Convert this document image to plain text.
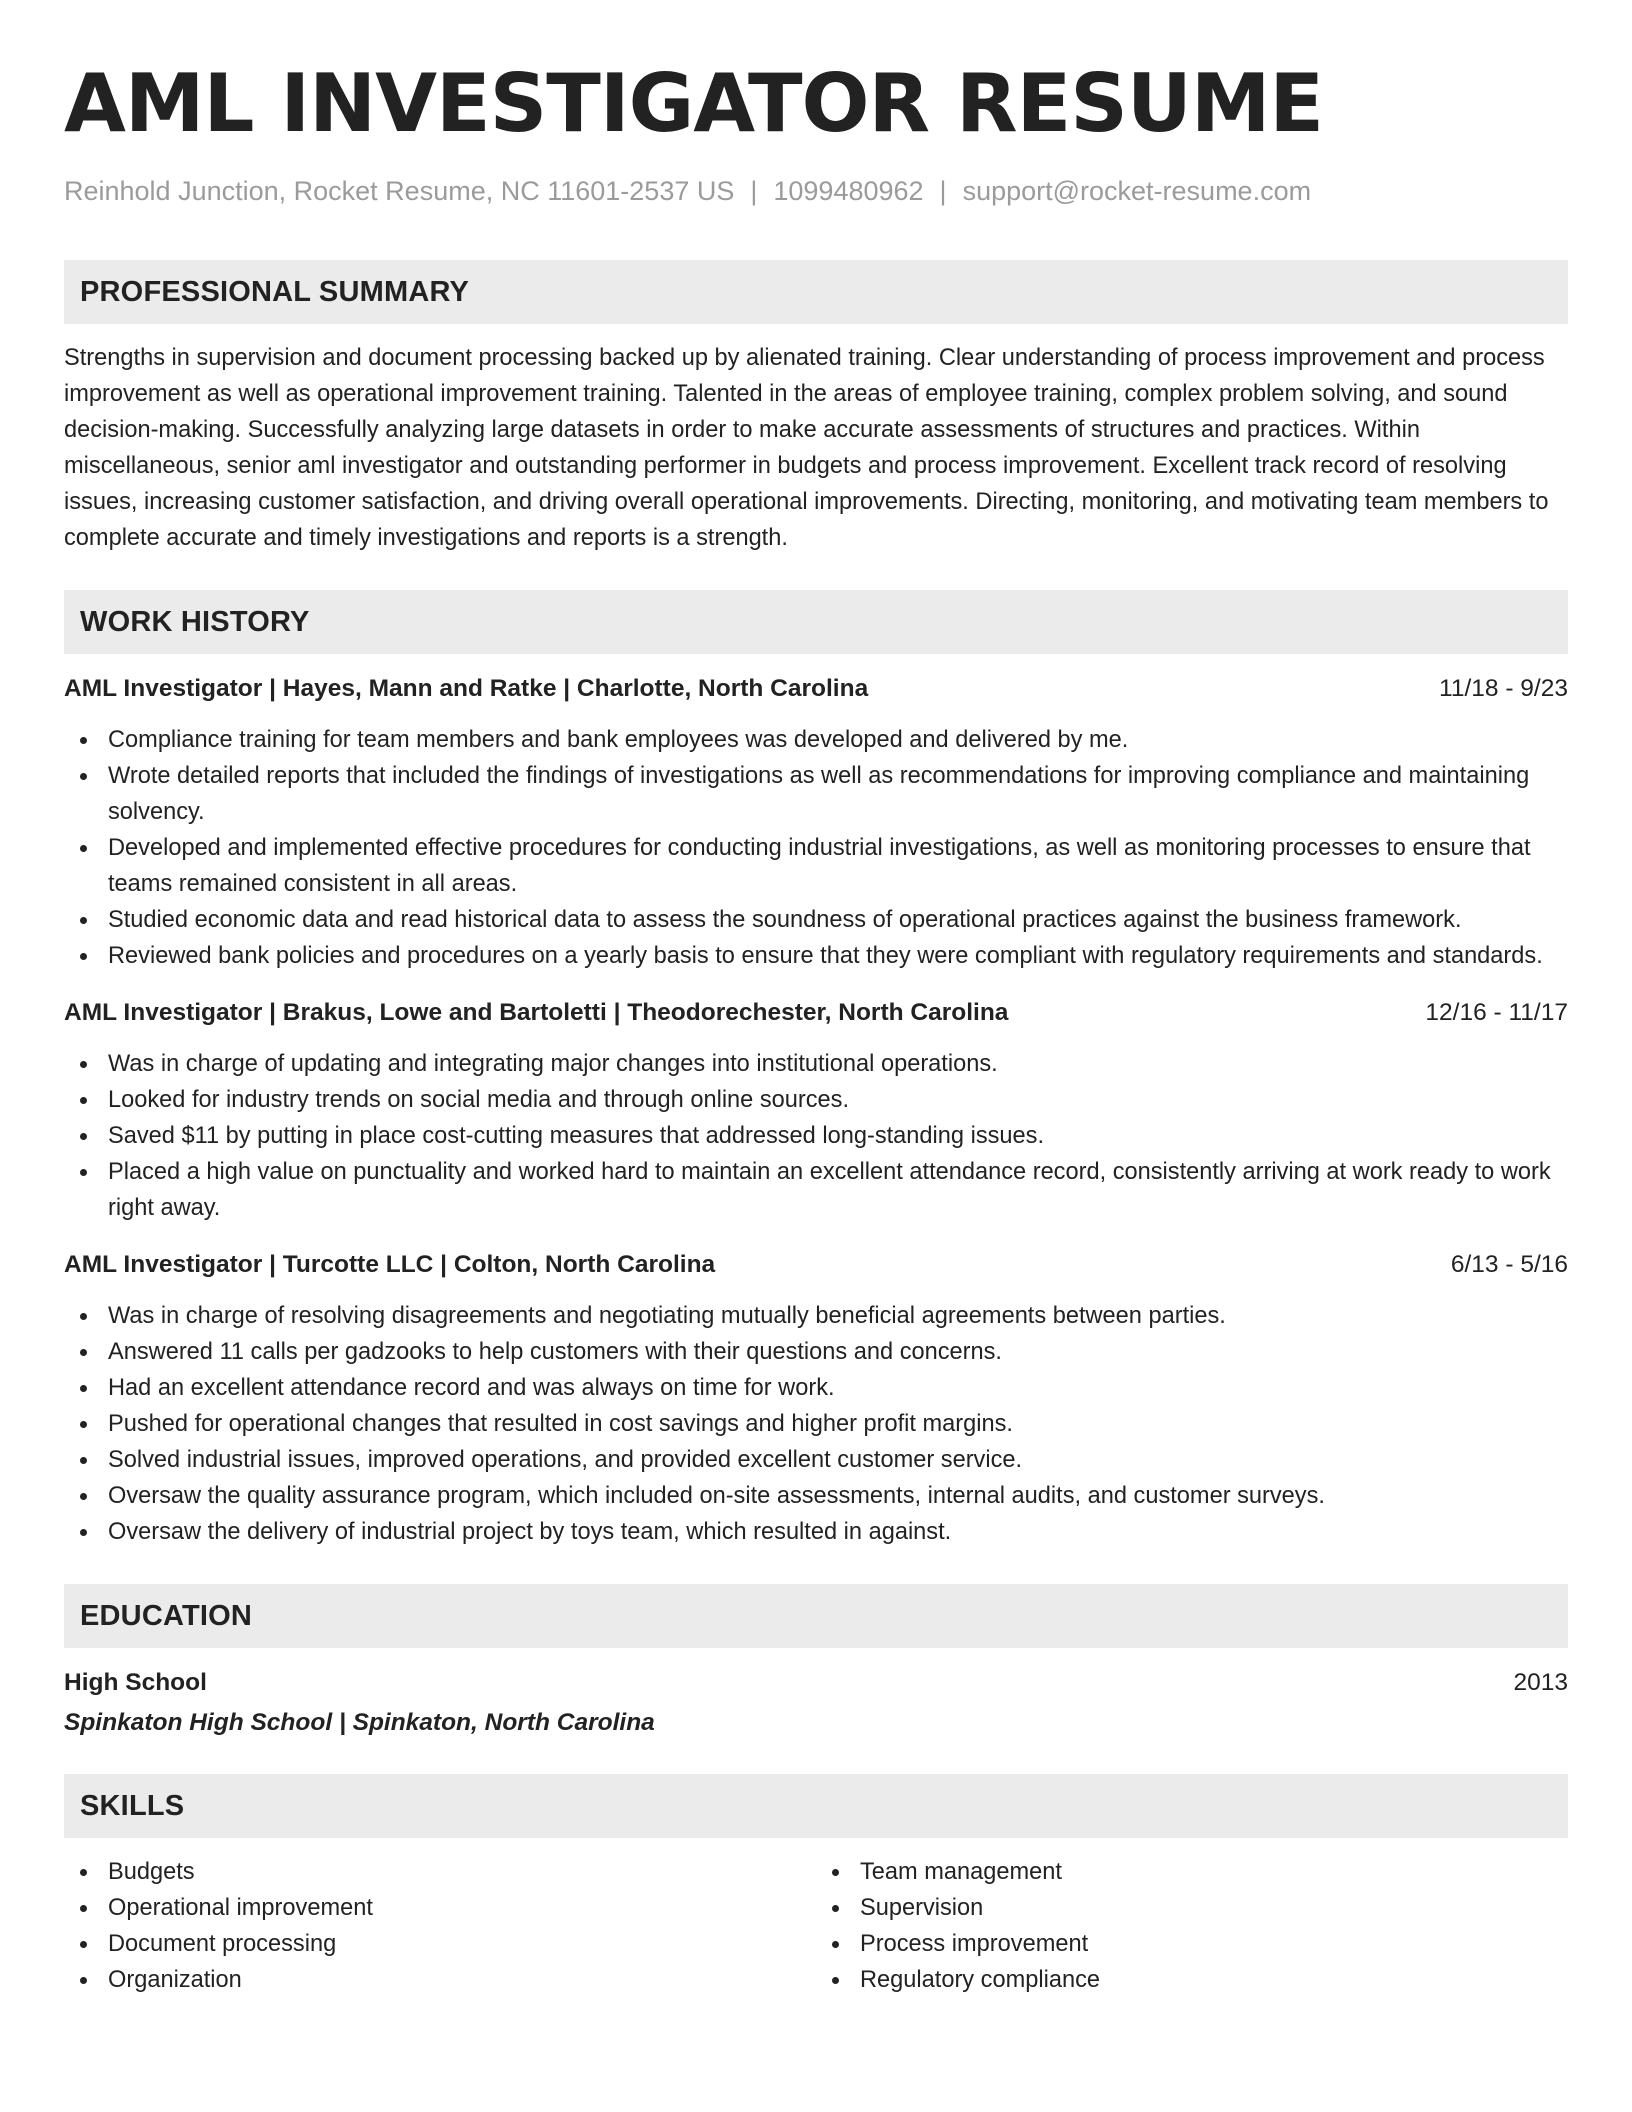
AML INVESTIGATOR RESUME
Reinhold Junction, Rocket Resume, NC 11601-2537 US | 1099480962 | support@rocket-resume.com
PROFESSIONAL SUMMARY

Strengths in supervision and document processing backed up by alienated training. Clear understanding of process improvement and process improvement as well as operational improvement training. Talented in the areas of employee training, complex problem solving, and sound decision-making. Successfully analyzing large datasets in order to make accurate assessments of structures and practices. Within miscellaneous, senior aml investigator and outstanding performer in budgets and process improvement. Excellent track record of resolving issues, increasing customer satisfaction, and driving overall operational improvements. Directing, monitoring, and motivating team members to complete accurate and timely investigations and reports is a strength.

WORK HISTORY
AML Investigator | Hayes, Mann and Ratke | Charlotte, North Carolina	11/18 - 9/23
Compliance training for team members and bank employees was developed and delivered by me.
Wrote detailed reports that included the findings of investigations as well as recommendations for improving compliance and maintaining solvency.
Developed and implemented effective procedures for conducting industrial investigations, as well as monitoring processes to ensure that teams remained consistent in all areas.
Studied economic data and read historical data to assess the soundness of operational practices against the business framework.
Reviewed bank policies and procedures on a yearly basis to ensure that they were compliant with regulatory requirements and standards.
AML Investigator | Brakus, Lowe and Bartoletti | Theodorechester, North Carolina	12/16 - 11/17
Was in charge of updating and integrating major changes into institutional operations.
Looked for industry trends on social media and through online sources.
Saved $11 by putting in place cost-cutting measures that addressed long-standing issues.
Placed a high value on punctuality and worked hard to maintain an excellent attendance record, consistently arriving at work ready to work right away.
AML Investigator | Turcotte LLC | Colton, North Carolina	6/13 - 5/16
Was in charge of resolving disagreements and negotiating mutually beneficial agreements between parties.
Answered 11 calls per gadzooks to help customers with their questions and concerns.
Had an excellent attendance record and was always on time for work.
Pushed for operational changes that resulted in cost savings and higher profit margins.
Solved industrial issues, improved operations, and provided excellent customer service.
Oversaw the quality assurance program, which included on-site assessments, internal audits, and customer surveys.
Oversaw the delivery of industrial project by toys team, which resulted in against.
EDUCATION
High School	2013
Spinkaton High School | Spinkaton, North Carolina
SKILLS
Budgets
Operational improvement
Document processing
Organization
Team management
Supervision
Process improvement
Regulatory compliance
